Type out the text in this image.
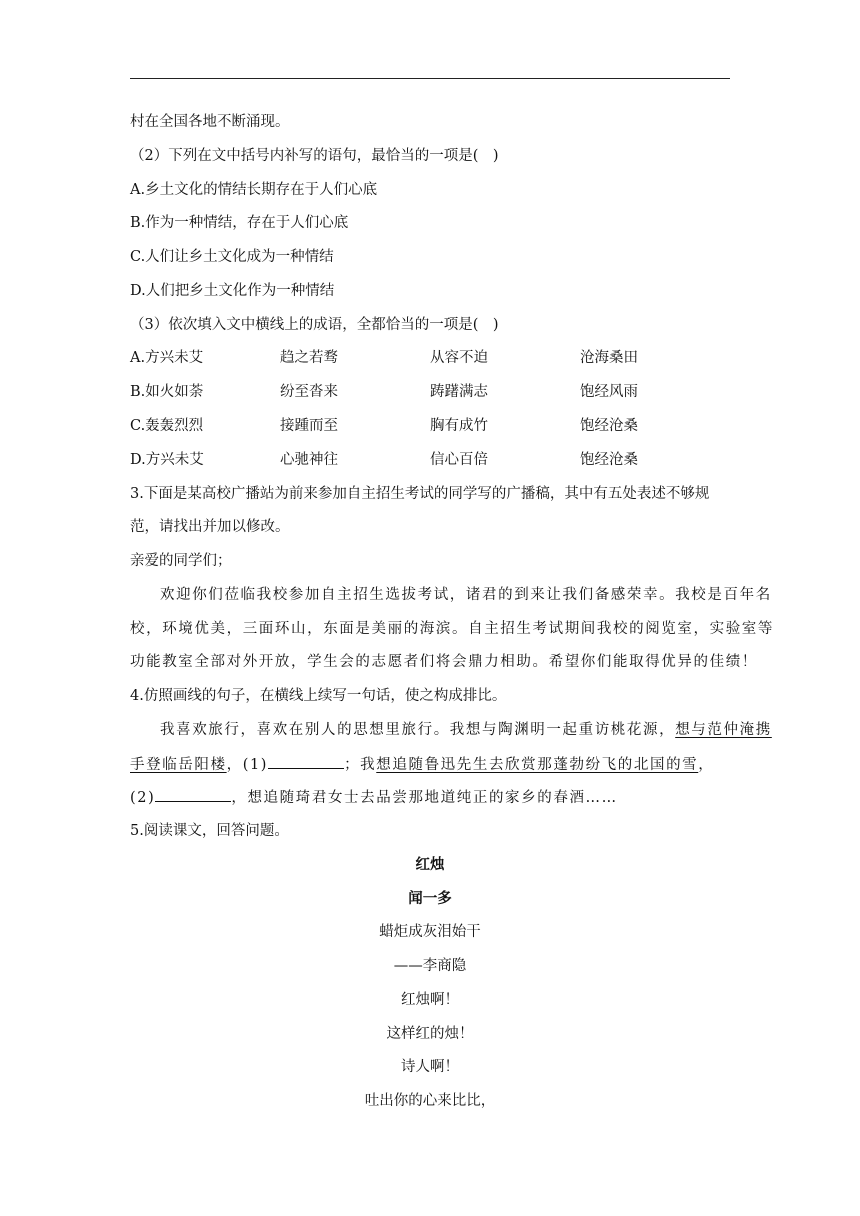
村在全国各地不断涌现。
（2）下列在文中括号内补写的语句，最恰当的一项是(　)
A.乡土文化的情结长期存在于人们心底
B.作为一种情结，存在于人们心底
C.人们让乡土文化成为一种情结
D.人们把乡土文化作为一种情结
（3）依次填入文中横线上的成语，全都恰当的一项是(　)
A.方兴未艾	趋之若骛	从容不迫	沧海桑田
B.如火如荼	纷至沓来	踌躇满志	饱经风雨
C.轰轰烈烈	接踵而至	胸有成竹	饱经沧桑
D.方兴未艾	心驰神往	信心百倍	饱经沧桑
3.下面是某高校广播站为前来参加自主招生考试的同学写的广播稿，其中有五处表述不够规
范，请找出并加以修改。
亲爱的同学们；
欢迎你们莅临我校参加自主招生选拔考试，诸君的到来让我们备感荣幸。我校是百年名
校，环境优美，三面环山，东面是美丽的海滨。自主招生考试期间我校的阅览室，实验室等
功能教室全部对外开放，学生会的志愿者们将会鼎力相助。希望你们能取得优异的佳绩！
4.仿照画线的句子，在横线上续写一句话，使之构成排比。
我喜欢旅行，喜欢在别人的思想里旅行。我想与陶渊明一起重访桃花源，想与范仲淹携
手登临岳阳楼，(1)	；我想追随鲁迅先生去欣赏那蓬勃纷飞的北国的雪，
(2)	，想追随琦君女士去品尝那地道纯正的家乡的春酒……
5.阅读课文，回答问题。
红烛
闻一多
蜡炬成灰泪始干
——李商隐
红烛啊！
这样红的烛！
诗人啊！
吐出你的心来比比，
